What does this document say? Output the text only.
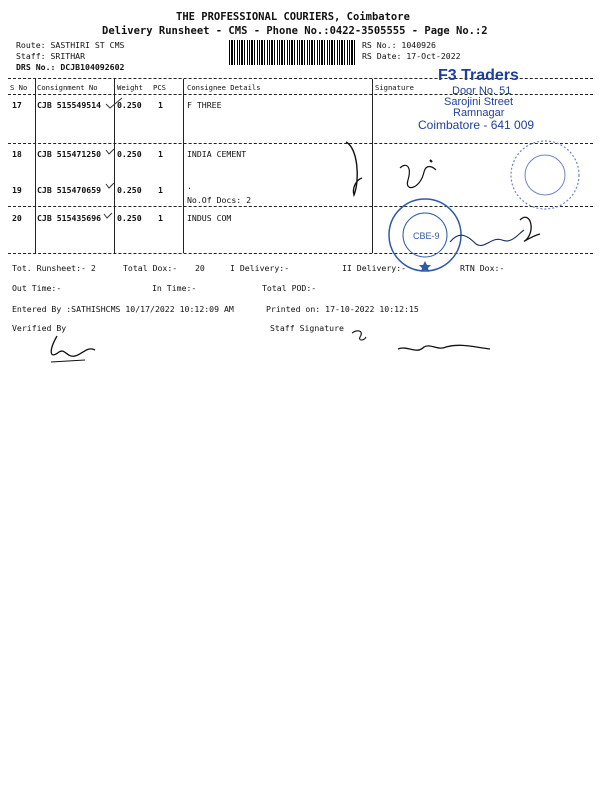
THE PROFESSIONAL COURIERS, Coimbatore
Delivery Runsheet - CMS - Phone No.:0422-3505555 - Page No.:2
Route: SASTHIRI ST CMS
Staff: SRITHAR
DRS No.: DCJB104092602
RS No.: 1040926
RS Date: 17-Oct-2022
S No Consignment No	Weight PCS	Consignee Details	Signature
17 CJB 515549514 0.250 1	F THREE
18 CJB 515471250 0.250 1	INDIA CEMENT
19 CJB 515470659 0.250 1	.
No.Of Docs: 2
20 CJB 515435696 0.250 1	INDUS COM
Tot. Runsheet:- 2	Total Dox:- 20	I Delivery:-	II Delivery:-	RTN Dox:-
Out Time:-	In Time:-	Total POD:-
Entered By :SATHISHCMS 10/17/2022 10:12:09 AM	Printed on: 17-10-2022 10:12:15
Verified By	Staff Signature
F3 Traders
Door No. 51
Sarojini Street
Ramnagar
Coimbatore - 641 009
CBE-9
